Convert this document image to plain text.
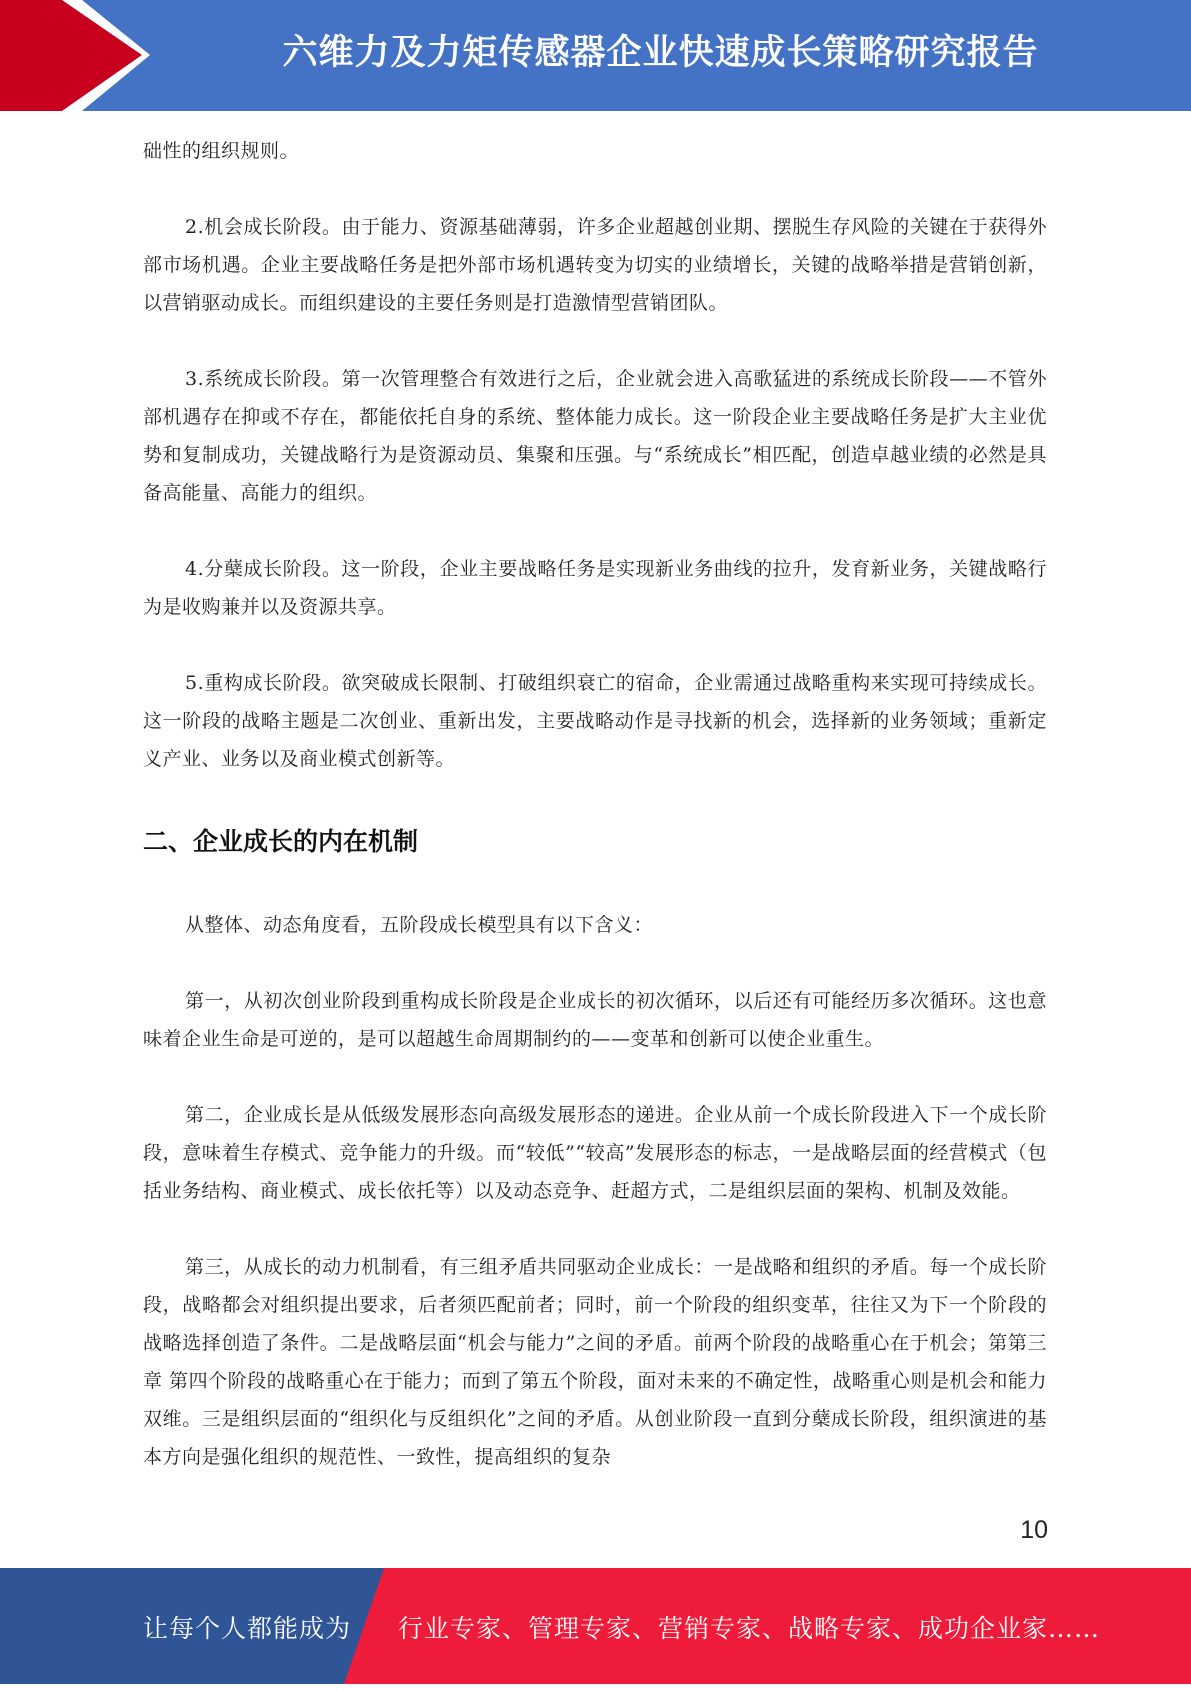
六维力及力矩传感器企业快速成长策略研究报告

础性的组织规则。

2.机会成长阶段。由于能力、资源基础薄弱，许多企业超越创业期、摆脱生存风险的关键在于获得外部市场机遇。企业主要战略任务是把外部市场机遇转变为切实的业绩增长，关键的战略举措是营销创新，以营销驱动成长。而组织建设的主要任务则是打造激情型营销团队。

3.系统成长阶段。第一次管理整合有效进行之后，企业就会进入高歌猛进的系统成长阶段——不管外部机遇存在抑或不存在，都能依托自身的系统、整体能力成长。这一阶段企业主要战略任务是扩大主业优势和复制成功，关键战略行为是资源动员、集聚和压强。与“系统成长”相匹配，创造卓越业绩的必然是具备高能量、高能力的组织。

4.分蘖成长阶段。这一阶段，企业主要战略任务是实现新业务曲线的拉升，发育新业务，关键战略行为是收购兼并以及资源共享。

5.重构成长阶段。欲突破成长限制、打破组织衰亡的宿命，企业需通过战略重构来实现可持续成长。这一阶段的战略主题是二次创业、重新出发，主要战略动作是寻找新的机会，选择新的业务领域；重新定义产业、业务以及商业模式创新等。

二、企业成长的内在机制

从整体、动态角度看，五阶段成长模型具有以下含义：

第一，从初次创业阶段到重构成长阶段是企业成长的初次循环，以后还有可能经历多次循环。这也意味着企业生命是可逆的，是可以超越生命周期制约的——变革和创新可以使企业重生。

第二，企业成长是从低级发展形态向高级发展形态的递进。企业从前一个成长阶段进入下一个成长阶段，意味着生存模式、竞争能力的升级。而“较低”“较高”发展形态的标志，一是战略层面的经营模式（包括业务结构、商业模式、成长依托等）以及动态竞争、赶超方式，二是组织层面的架构、机制及效能。

第三，从成长的动力机制看，有三组矛盾共同驱动企业成长：一是战略和组织的矛盾。每一个成长阶段，战略都会对组织提出要求，后者须匹配前者；同时，前一个阶段的组织变革，往往又为下一个阶段的战略选择创造了条件。二是战略层面“机会与能力”之间的矛盾。前两个阶段的战略重心在于机会；第第三章 第四个阶段的战略重心在于能力；而到了第五个阶段，面对未来的不确定性，战略重心则是机会和能力双维。三是组织层面的“组织化与反组织化”之间的矛盾。从创业阶段一直到分蘖成长阶段，组织演进的基本方向是强化组织的规范性、一致性，提高组织的复杂

10
让每个人都能成为 行业专家、管理专家、营销专家、战略专家、成功企业家……
